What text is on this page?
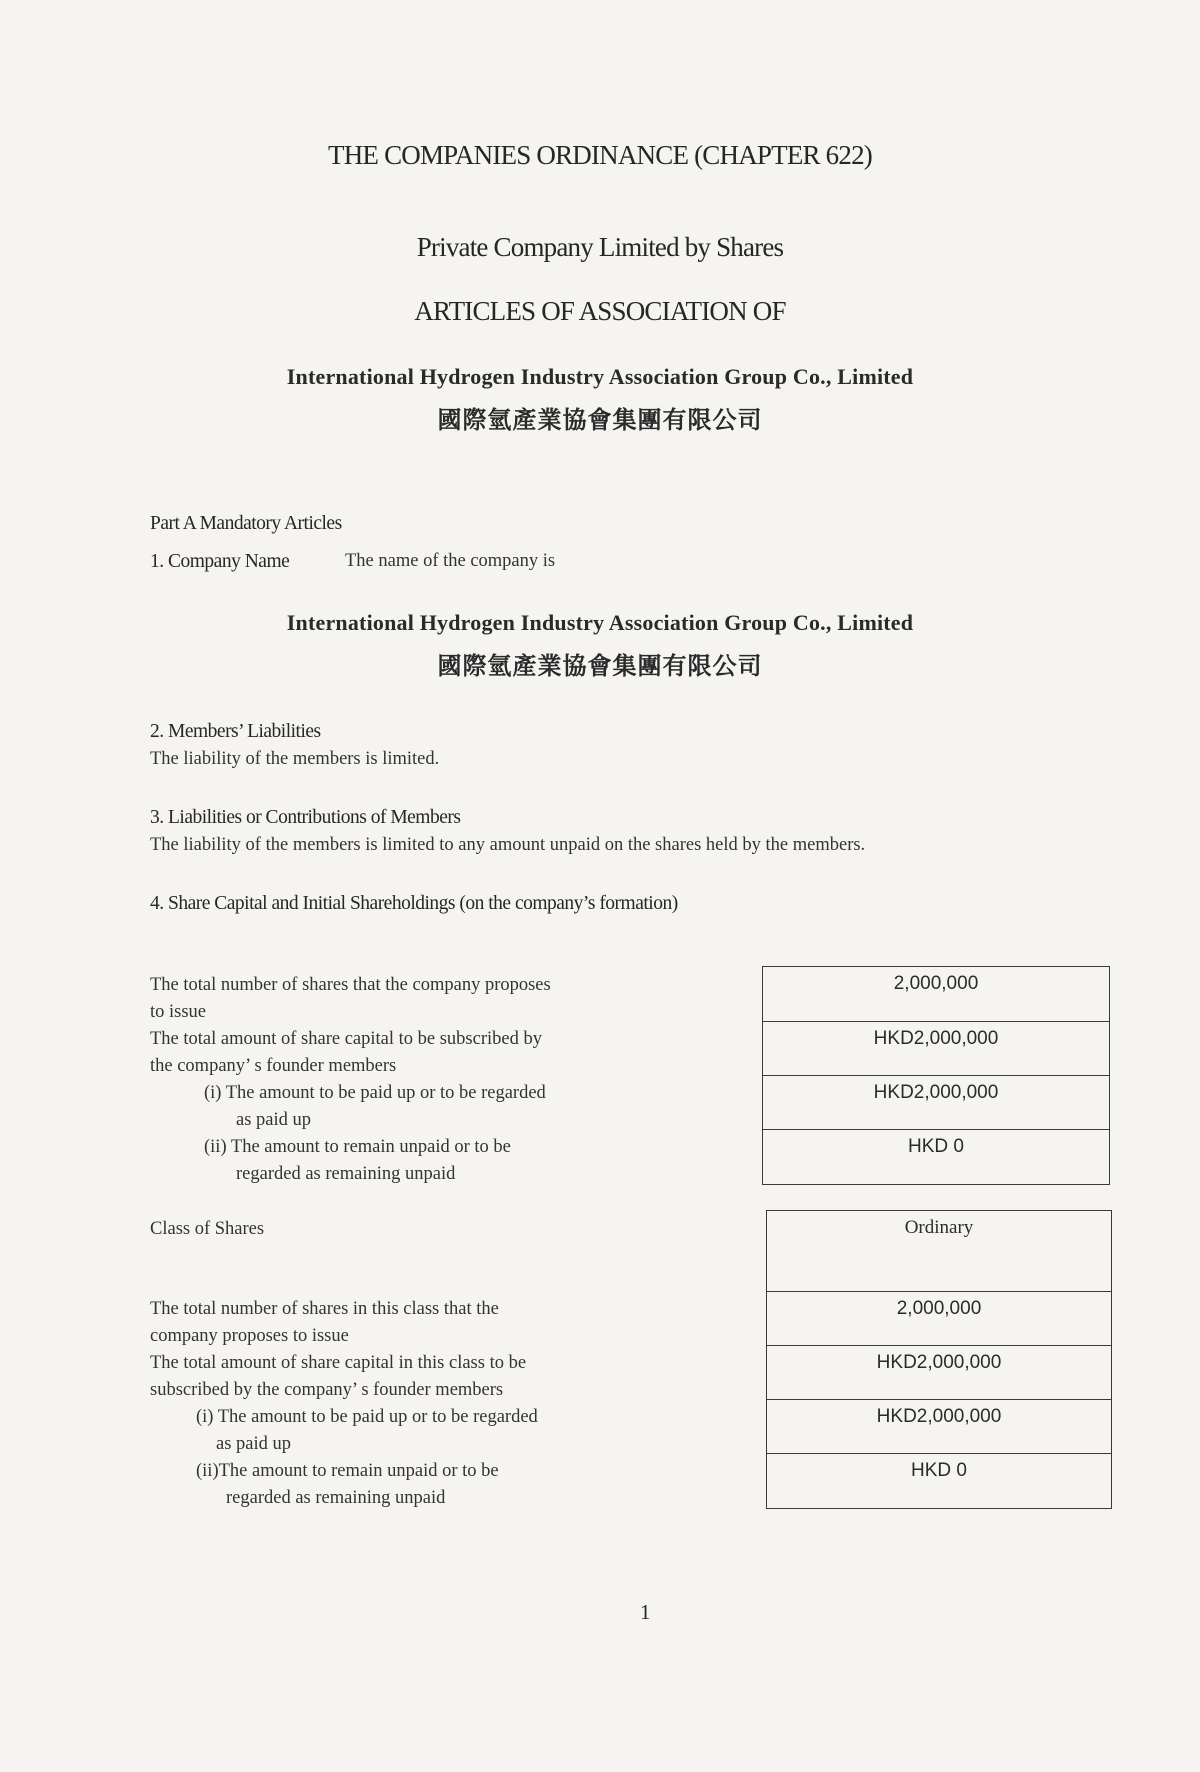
THE COMPANIES ORDINANCE (CHAPTER 622)
Private Company Limited by Shares
ARTICLES OF ASSOCIATION OF
International Hydrogen Industry Association Group Co., Limited
國際氫產業協會集團有限公司
Part A Mandatory Articles
1. Company Name	The name of the company is
International Hydrogen Industry Association Group Co., Limited
國際氫產業協會集團有限公司
2. Members’ Liabilities
The liability of the members is limited.
3. Liabilities or Contributions of Members
The liability of the members is limited to any amount unpaid on the shares held by the members.
4. Share Capital and Initial Shareholdings (on the company’s formation)
The total number of shares that the company proposes
to issue
The total amount of share capital to be subscribed by
the company’ s founder members
(i) The amount to be paid up or to be regarded
as paid up
(ii) The amount to remain unpaid or to be
regarded as remaining unpaid
2,000,000
HKD2,000,000
HKD2,000,000
HKD 0
Class of Shares
The total number of shares in this class that the
company proposes to issue
The total amount of share capital in this class to be
subscribed by the company’ s founder members
(i) The amount to be paid up or to be regarded
as paid up
(ii)The amount to remain unpaid or to be
regarded as remaining unpaid
Ordinary
2,000,000
HKD2,000,000
HKD2,000,000
HKD 0
1
